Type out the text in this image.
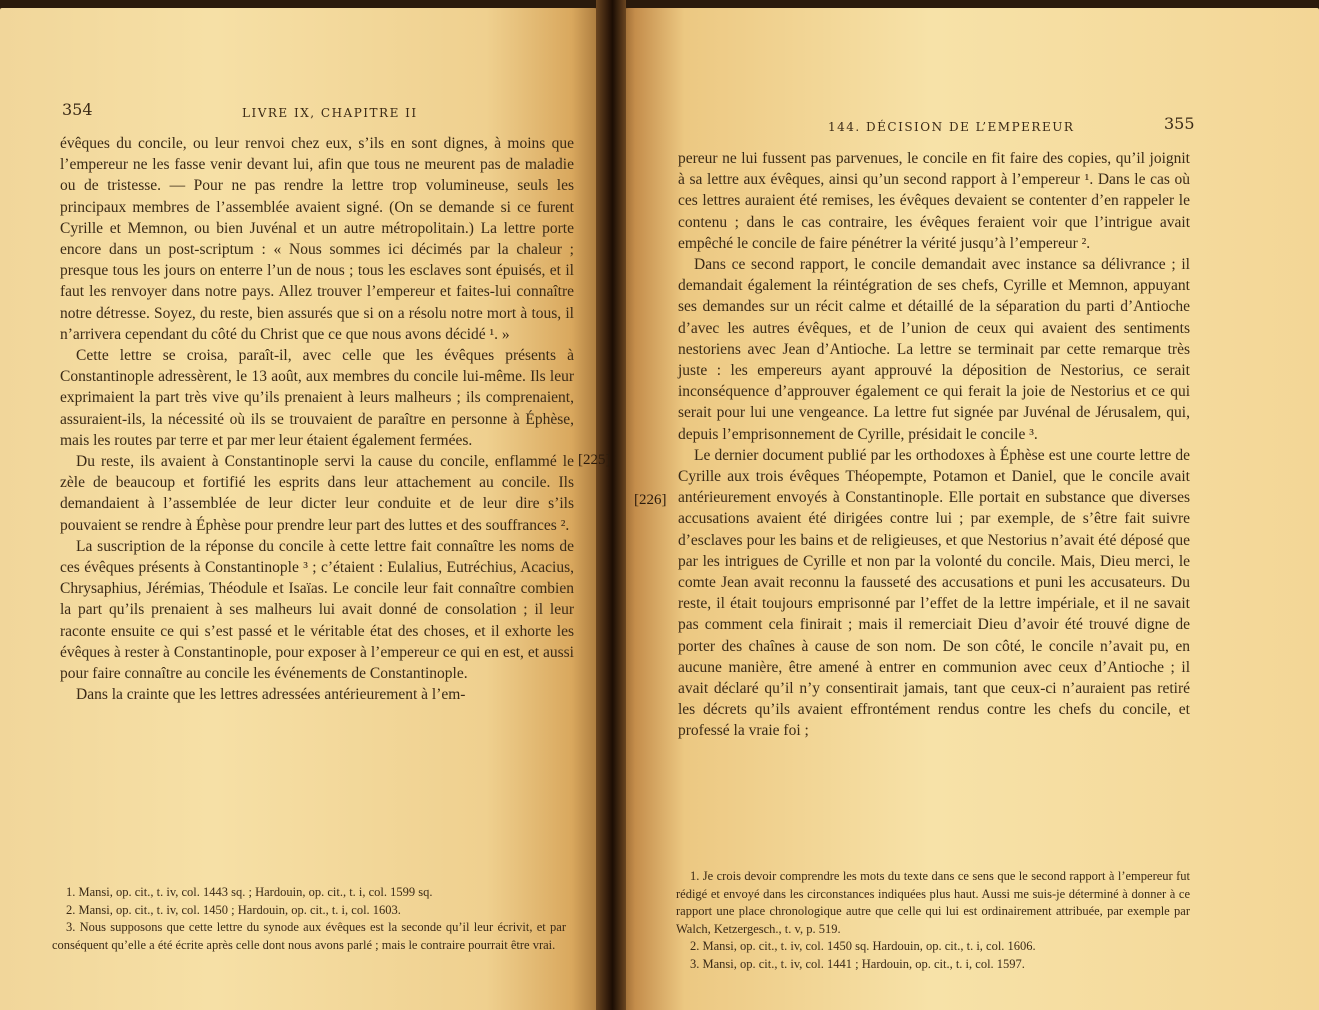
354	LIVRE IX, CHAPITRE II

évêques du concile, ou leur renvoi chez eux, s’ils en sont dignes, à moins que l’empereur ne les fasse venir devant lui, afin que tous ne meurent pas de maladie ou de tristesse. — Pour ne pas rendre la lettre trop volumineuse, seuls les principaux membres de l’assemblée avaient signé. (On se demande si ce furent Cyrille et Memnon, ou bien Juvénal et un autre métropolitain.) La lettre porte encore dans un post-scriptum : « Nous sommes ici décimés par la chaleur ; presque tous les jours on enterre l’un de nous ; tous les esclaves sont épuisés, et il faut les renvoyer dans notre pays. Allez trouver l’empereur et faites-lui connaître notre détresse. Soyez, du reste, bien assurés que si on a résolu notre mort à tous, il n’arrivera cependant du côté du Christ que ce que nous avons décidé ¹. »

Cette lettre se croisa, paraît-il, avec celle que les évêques présents à Constantinople adressèrent, le 13 août, aux membres du concile lui-même. Ils leur exprimaient la part très vive qu’ils prenaient à leurs malheurs ; ils comprenaient, assuraient-ils, la nécessité où ils se trouvaient de paraître en personne à Éphèse, mais les routes par terre et par mer leur étaient également fermées.

Du reste, ils avaient à Constantinople servi la cause du concile, enflammé le zèle de beaucoup et fortifié les esprits dans leur attachement au concile. Ils demandaient à l’assemblée de leur dicter leur conduite et de leur dire s’ils pouvaient se rendre à Éphèse pour prendre leur part des luttes et des souffrances ².

La suscription de la réponse du concile à cette lettre fait connaître les noms de ces évêques présents à Constantinople ³ ; c’étaient : Eulalius, Eutréchius, Acacius, Chrysaphius, Jérémias, Théodule et Isaïas. Le concile leur fait connaître combien la part qu’ils prenaient à ses malheurs lui avait donné de consolation ; il leur raconte ensuite ce qui s’est passé et le véritable état des choses, et il exhorte les évêques à rester à Constantinople, pour exposer à l’empereur ce qui en est, et aussi pour faire connaître au concile les événements de Constantinople.

Dans la crainte que les lettres adressées antérieurement à l’em-

1. Mansi, op. cit., t. iv, col. 1443 sq. ; Hardouin, op. cit., t. i, col. 1599 sq.

2. Mansi, op. cit., t. iv, col. 1450 ; Hardouin, op. cit., t. i, col. 1603.

3. Nous supposons que cette lettre du synode aux évêques est la seconde qu’il leur écrivit, et par conséquent qu’elle a été écrite après celle dont nous avons parlé ; mais le contraire pourrait être vrai.

144. DÉCISION DE L’EMPEREUR	355

pereur ne lui fussent pas parvenues, le concile en fit faire des copies, qu’il joignit à sa lettre aux évêques, ainsi qu’un second rapport à l’empereur ¹. Dans le cas où ces lettres auraient été remises, les évêques devaient se contenter d’en rappeler le contenu ; dans le cas contraire, les évêques feraient voir que l’intrigue avait empêché le concile de faire pénétrer la vérité jusqu’à l’empereur ².

Dans ce second rapport, le concile demandait avec instance sa délivrance ; il demandait également la réintégration de ses chefs, Cyrille et Memnon, appuyant ses demandes sur un récit calme et détaillé de la séparation du parti d’Antioche d’avec les autres évêques, et de l’union de ceux qui avaient des sentiments nestoriens avec Jean d’Antioche. La lettre se terminait par cette remarque très juste : les empereurs ayant approuvé la déposition de Nestorius, ce serait inconséquence d’approuver également ce qui ferait la joie de Nestorius et ce qui serait pour lui une vengeance. La lettre fut signée par Juvénal de Jérusalem, qui, depuis l’emprisonnement de Cyrille, présidait le concile ³.

Le dernier document publié par les orthodoxes à Éphèse est une courte lettre de Cyrille aux trois évêques Théopempte, Potamon et Daniel, que le concile avait antérieurement envoyés à Constantinople. Elle portait en substance que diverses accusations avaient été dirigées contre lui ; par exemple, de s’être fait suivre d’esclaves pour les bains et de religieuses, et que Nestorius n’avait été déposé que par les intrigues de Cyrille et non par la volonté du concile. Mais, Dieu merci, le comte Jean avait reconnu la fausseté des accusations et puni les accusateurs. Du reste, il était toujours emprisonné par l’effet de la lettre impériale, et il ne savait pas comment cela finirait ; mais il remerciait Dieu d’avoir été trouvé digne de porter des chaînes à cause de son nom. De son côté, le concile n’avait pu, en aucune manière, être amené à entrer en communion avec ceux d’Antioche ; il avait déclaré qu’il n’y consentirait jamais, tant que ceux-ci n’auraient pas retiré les décrets qu’ils avaient effrontément rendus contre les chefs du concile, et professé la vraie foi ;

1. Je crois devoir comprendre les mots du texte dans ce sens que le second rapport à l’empereur fut rédigé et envoyé dans les circonstances indiquées plus haut. Aussi me suis-je déterminé à donner à ce rapport une place chronologique autre que celle qui lui est ordinairement attribuée, par exemple par Walch, Ketzergesch., t. v, p. 519.

2. Mansi, op. cit., t. iv, col. 1450 sq. Hardouin, op. cit., t. i, col. 1606.

3. Mansi, op. cit., t. iv, col. 1441 ; Hardouin, op. cit., t. i, col. 1597.

[225]
[226]
